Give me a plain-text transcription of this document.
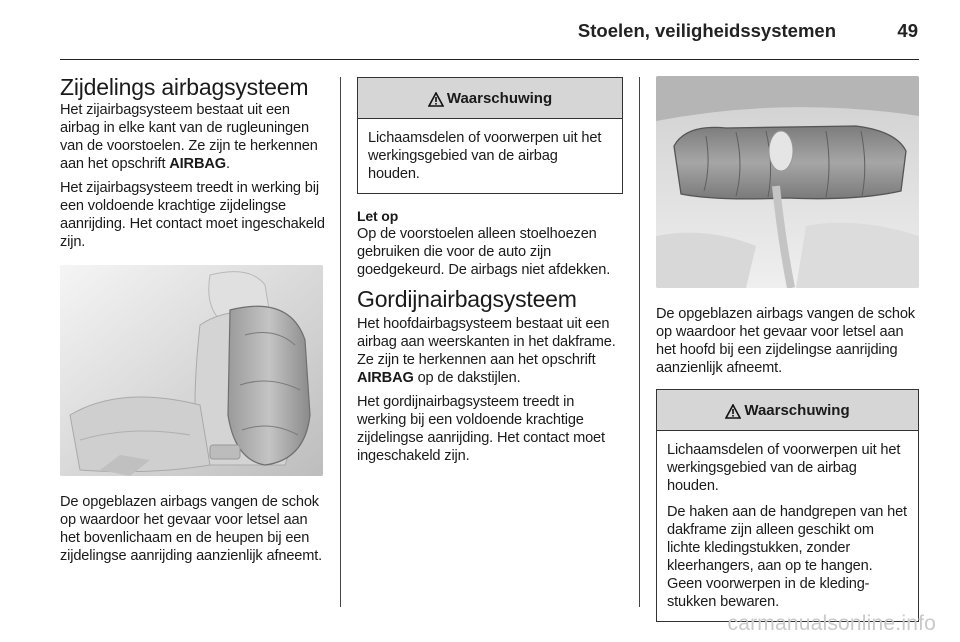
Stoelen, veiligheidssystemen	49
Zijdelings airbagsysteem

Het zijairbagsysteem bestaat uit een airbag in elke kant van de rugleuningen van de voorstoelen. Ze zijn te herkennen aan het opschrift AIRBAG.

Het zijairbagsysteem treedt in werking bij een voldoende krachtige zijdelingse aanrijding. Het contact moet ingeschakeld zijn.

De opgeblazen airbags vangen de schok op waardoor het gevaar voor letsel aan het bovenlichaam en de heupen bij een zijdelingse aanrijding aanzienlijk afneemt.

Waarschuwing

Lichaamsdelen of voorwerpen uit het werkingsgebied van de airbag houden.

Let op

Op de voorstoelen alleen stoelhoezen gebruiken die voor de auto zijn goedgekeurd. De airbags niet afdekken.

Gordijnairbagsysteem

Het hoofdairbagsysteem bestaat uit een airbag aan weerskanten in het dakframe. Ze zijn te herkennen aan het opschrift AIRBAG op de dakstijlen.

Het gordijnairbagsysteem treedt in werking bij een voldoende krachtige zijdelingse aanrijding. Het contact moet ingeschakeld zijn.

De opgeblazen airbags vangen de schok op waardoor het gevaar voor letsel aan het hoofd bij een zijdelingse aanrijding aanzienlijk afneemt.

Waarschuwing

Lichaamsdelen of voorwerpen uit het werkingsgebied van de airbag houden.

De haken aan de handgrepen van het dakframe zijn alleen geschikt om lichte kledingstukken, zonder kleerhangers, aan op te hangen. Geen voorwerpen in de kledingstukken bewaren.

carmanualsonline.info
